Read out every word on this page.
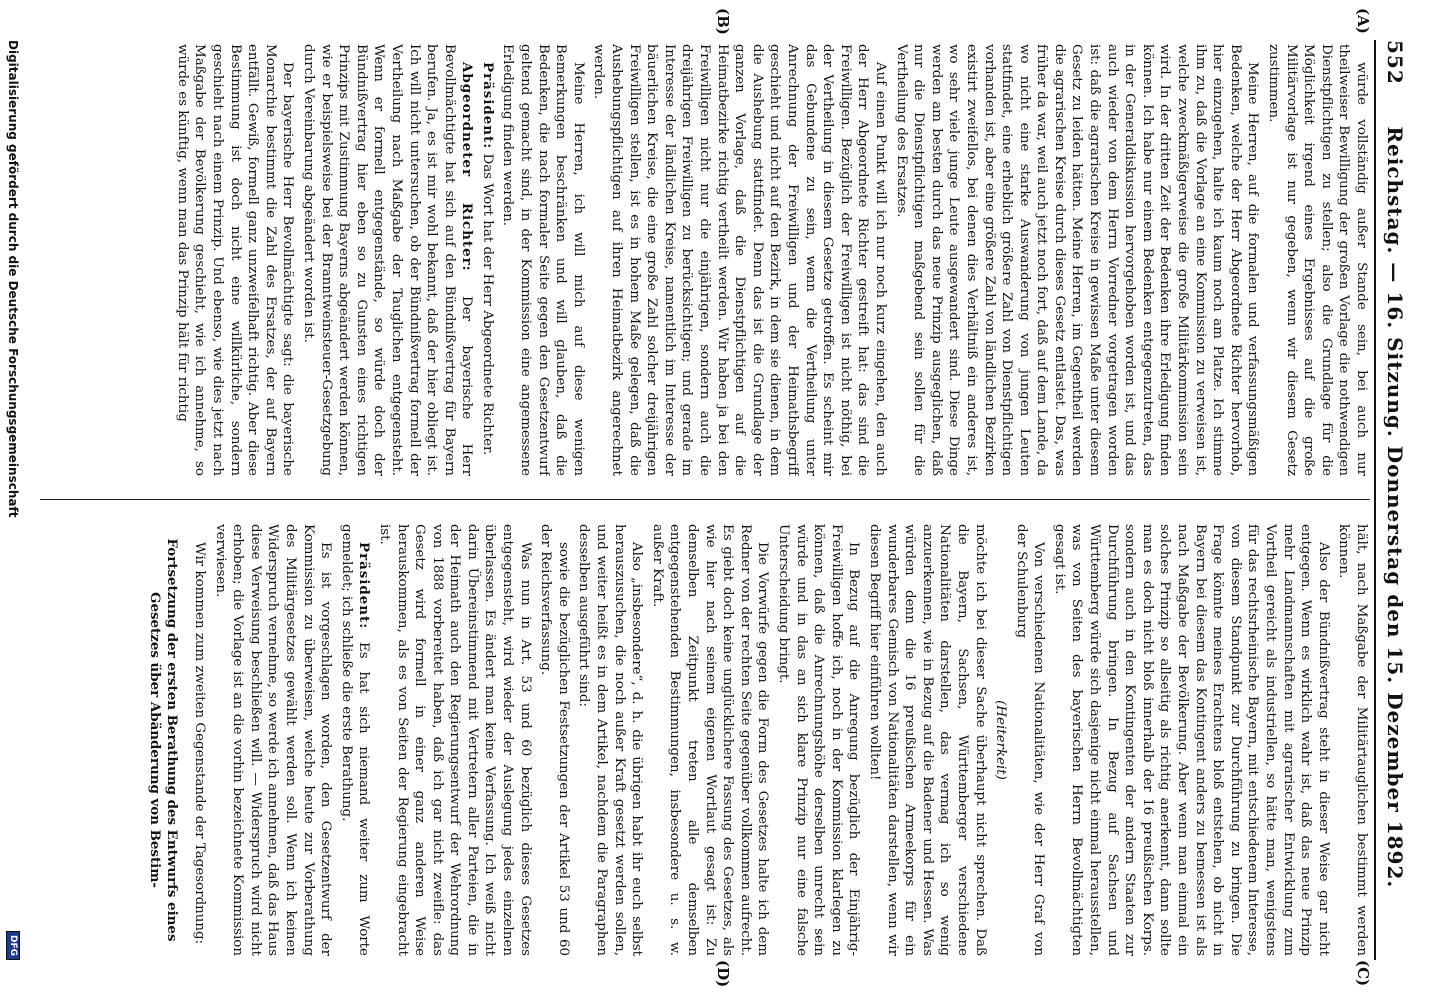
552
Reichstag. — 16. Sitzung. Donnerstag den 15. Dezember 1892.
(A)
(B)
(C)
(D)

würde vollständig außer Stande sein, bei auch nur theilweiser Bewilligung der großen Vorlage die nothwendigen Dienstpflichtigen zu stellen; also die Grundlage für die Möglichkeit irgend eines Ergebnisses auf die große Militärvorlage ist nur gegeben, wenn wir diesem Gesetz zustimmen.

Meine Herren, auf die formalen und verfassungsmäßigen Bedenken, welche der Herr Abgeordnete Richter hervorhob, hier einzugehen, halte ich kaum noch am Platze. Ich stimme ihm zu, daß die Vorlage an eine Kommission zu verweisen ist, welche zweckmäßigerweise die große Militärkommission sein wird. In der dritten Zeit der Bedenken ihre Erledigung finden können. Ich habe nur einem Bedenken entgegenzutreten, das in der Generaldiskussion hervorgehoben worden ist, und das auch wieder von dem Herrn Vorredner vorgetragen worden ist: daß die agrarischen Kreise in gewissen Maße unter diesem Gesetz zu leiden hätten. Meine Herren, im Gegentheil werden die agrarischen Kreise durch dieses Gesetz entlastet. Das, was früher da war, weil auch jetzt noch fort, daß auf dem Lande, da wo nicht eine starke Auswanderung von jungen Leuten stattfindet, eine erheblich größere Zahl von Dienstpflichtigen vorhanden ist, aber eine größere Zahl von ländlichen Bezirken existirt zweifellos, bei denen dies Verhältniß ein anderes ist, wo sehr viele junge Leute ausgewandert sind. Diese Dinge werden am besten durch das neue Prinzip ausgeglichen, daß nur die Dienstpflichtigen maßgebend sein sollen für die Vertheilung des Ersatzes.

Auf einen Punkt will ich nur noch kurz eingehen, den auch der Herr Abgeordnete Richter gestreift hat: das sind die Freiwilligen. Bezüglich der Freiwilligen ist nicht nöthig, bei der Vertheilung in diesem Gesetze getroffen. Es scheint mir das Gebundene zu sein, wenn die Vertheilung unter Anrechnung der Freiwilligen und der Heimathsbegriff geschieht und nicht auf den Bezirk, in dem sie dienen, in dem die Aushebung stattfindet. Denn das ist die Grundlage der ganzen Vorlage, daß die Dienstpflichtigen auf die Heimatbezirke richtig vertheilt werden. Wir haben ja bei den Freiwilligen nicht nur die einjährigen, sondern auch die dreijährigen Freiwilligen zu berücksichtigen; und gerade im Interesse der ländlichen Kreise, namentlich im Interesse der bäuerlichen Kreise, die eine große Zahl solcher dreijährigen Freiwilligen stellen, ist es in hohem Maße gelegen, daß die Aushebungspflichtigen auf ihren Heimatbezirk angerechnet werden.

Meine Herren, ich will mich auf diese wenigen Bemerkungen beschränken und will glauben, daß die Bedenken, die nach formaler Seite gegen den Gesetzentwurf geltend gemacht sind, in der Kommission eine angemessene Erledigung finden werden.

Präsident: Das Wort hat der Herr Abgeordnete Richter.

Abgeordneter Richter: Der bayerische Herr Bevollmächtigte hat sich auf den Bündnißvertrag für Bayern berufen. Ja, es ist mir wohl bekannt, daß der hier obliegt ist. Ich will nicht untersuchen, ob der Bündnißvertrag formell der Vertheilung nach Maßgabe der Tauglichen entgegensteht. Wenn er formell entgegenstände, so würde doch der Bündnißvertrag hier eben so zu Gunsten eines richtigen Prinzips mit Zustimmung Bayerns abgeändert werden können, wie er beispielsweise bei der Branntweinsteuer-Gesetzgebung durch Vereinbarung abgeändert worden ist.

Der bayerische Herr Bevollmächtigte sagt: die bayerische Monarchie bestimmt die Zahl des Ersatzes, der auf Bayern entfällt. Gewiß, formell ganz unzweifelhaft richtig. Aber diese Bestimmung ist doch nicht eine willkürliche, sondern geschieht nach einem Prinzip. Und ebenso, wie dies jetzt nach Maßgabe der Bevölkerung geschieht, wie ich annehme, so würde es künftig, wenn man das Prinzip hält für richtig

hält, nach Maßgabe der Militärtauglichen bestimmt werden können.

Also der Bündnißvertrag steht in dieser Weise gar nicht entgegen. Wenn es wirklich wahr ist, daß das neue Prinzip mehr Landmannschaften mit agrarischer Entwicklung zum Vortheil gereicht als industriellen, so hätte man, wenigstens für das rechtsrheinische Bayern, mit entschiedenem Interesse, von diesem Standpunkt zur Durchführung zu bringen. Die Frage könnte meines Erachtens bloß entstehen, ob nicht in Bayern bei diesem das Kontingent anders zu bemessen ist als nach Maßgabe der Bevölkerung. Aber wenn man einmal ein solches Prinzip so allseitig als richtig anerkennt, dann sollte man es doch nicht bloß innerhalb der 16 preußischen Korps. sondern auch in den Kontingenten der andern Staaten zur Durchführung bringen. In Bezug auf Sachsen und Württemberg würde sich dasjenige nicht einmal herausstellen, was von Seiten des bayerischen Herrn Bevollmächtigten gesagt ist.

Von verschiedenen Nationalitäten, wie der Herr Graf von der Schulenburg

(Heiterkeit)

möchte ich bei dieser Sache überhaupt nicht sprechen. Daß die Bayern, Sachsen, Württemberger verschiedene Nationalitäten darstellen, das vermag ich so wenig anzuerkennen, wie in Bezug auf die Badener und Hessen. Was würden denn die 16 preußischen Armeekorps für ein wunderbares Gemisch von Nationalitäten darstellen, wenn wir diesen Begriff hier einführen wollten!

In Bezug auf die Anregung bezüglich der Einjährig-Freiwilligen hoffe ich, noch in der Kommission klarlegen zu können, daß die Anrechnungshöhe derselben unrecht sein würde und in das an sich klare Prinzip nur eine falsche Unterscheidung bringt.

Die Vorwürfe gegen die Form des Gesetzes halte ich dem Redner von der rechten Seite gegenüber vollkommen aufrecht. Es giebt doch keine unglücklichere Fassung des Gesetzes, als wie hier nach seinem eigenen Wortlaut gesagt ist: Zu demselben Zeitpunkt treten alle demselben entgegenstehenden Bestimmungen, insbesondere u. s. w. außer Kraft.

Also „insbesondere“, d. h. die übrigen habt ihr euch selbst herauszusuchen, die noch außer Kraft gesetzt werden sollen, und weiter heißt es in dem Artikel, nachdem die Paragraphen desselben ausgeführt sind:

sowie die bezüglichen Festsetzungen der Artikel 53 und 60 der Reichsverfassung.

Was nun in Art. 53 und 60 bezüglich dieses Gesetzes entgegensteht, wird wieder der Auslegung jedes einzelnen überlassen. Es ändert man keine Verfassung. Ich weiß nicht darin Übereinstimmend mit Vertretern aller Parteien, die in der Heimath auch den Regierungsentwurf der Wehrordnung von 1888 vorbereitet haben, daß ich gar nicht zweifle: das Gesetz wird formell in einer ganz anderen Weise herauskommen, als es von Seiten der Regierung eingebracht ist.

Präsident: Es hat sich niemand weiter zum Worte gemeldet; ich schließe die erste Berathung.

Es ist vorgeschlagen worden, den Gesetzentwurf der Kommission zu überweisen, welche heute zur Vorberathung des Militärgesetzes gewählt werden soll. Wenn ich keinen Widerspruch vernehme, so werde ich annehmen, daß das Haus diese Verweisung beschließen will. — Widerspruch wird nicht erhoben; die Vorlage ist an die vorhin bezeichnete Kommission verwiesen.

Wir kommen zum zweiten Gegenstande der Tagesordnung:

Fortsetzung der ersten Berathung des Entwurfs eines Gesetzes über Abänderung von Bestim-

Digitalisierung gefördert durch die Deutsche Forschungsgemeinschaft
DFG
